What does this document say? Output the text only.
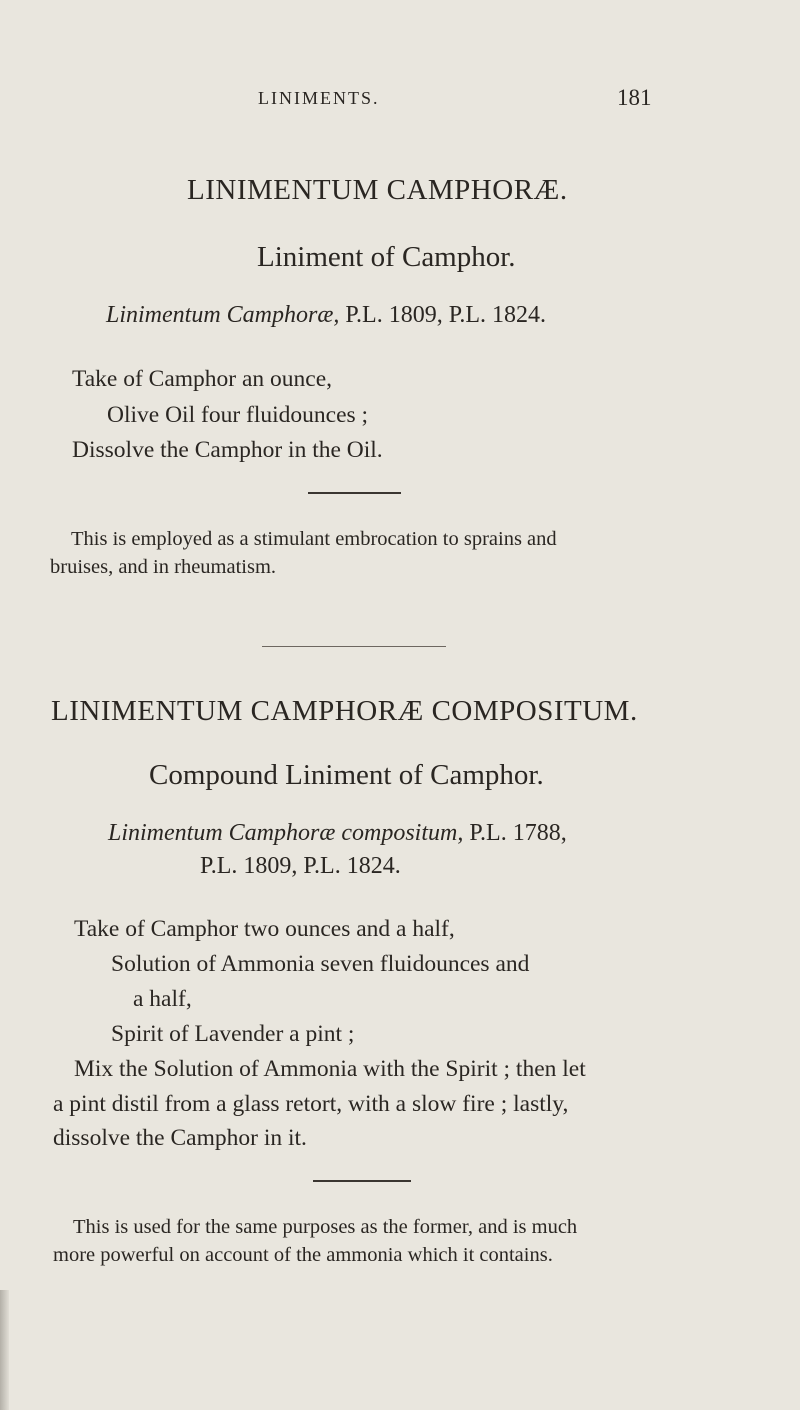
LINIMENTS.	181
LINIMENTUM CAMPHORÆ.
Liniment of Camphor.
Linimentum Camphoræ, P.L. 1809, P.L. 1824.
Take of Camphor an ounce,
Olive Oil four fluidounces ;
Dissolve the Camphor in the Oil.
This is employed as a stimulant embrocation to sprains and
bruises, and in rheumatism.
LINIMENTUM CAMPHORÆ COMPOSITUM.
Compound Liniment of Camphor.
Linimentum Camphoræ compositum, P.L. 1788,
P.L. 1809, P.L. 1824.
Take of Camphor two ounces and a half,
Solution of Ammonia seven fluidounces and
a half,
Spirit of Lavender a pint ;
Mix the Solution of Ammonia with the Spirit ; then let
a pint distil from a glass retort, with a slow fire ; lastly,
dissolve the Camphor in it.
This is used for the same purposes as the former, and is much
more powerful on account of the ammonia which it contains.
